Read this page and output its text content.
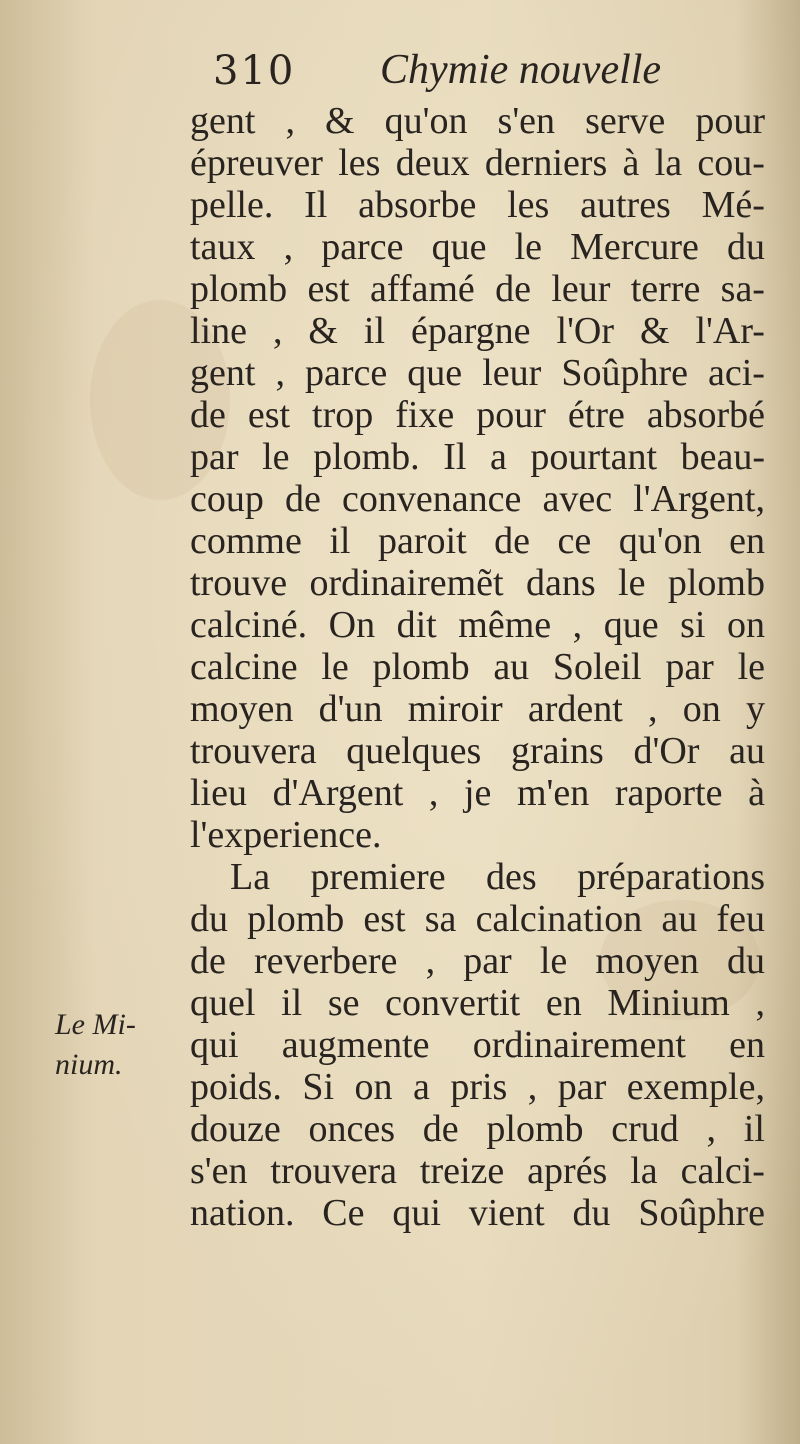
310 Chymie nouvelle
gent , & qu'on s'en serve pour
épreuver les deux derniers à la cou-
pelle. Il absorbe les autres Mé-
taux , parce que le Mercure du
plomb est affamé de leur terre sa-
line , & il épargne l'Or & l'Ar-
gent , parce que leur Soûphre aci-
de est trop fixe pour étre absorbé
par le plomb. Il a pourtant beau-
coup de convenance avec l'Argent,
comme il paroit de ce qu'on en
trouve ordinairemẽt dans le plomb
calciné. On dit même , que si on
calcine le plomb au Soleil par le
moyen d'un miroir ardent , on y
trouvera quelques grains d'Or au
lieu d'Argent , je m'en raporte à
l'experience.
La premiere des préparations
du plomb est sa calcination au feu
de reverbere , par le moyen du
quel il se convertit en Minium ,
qui augmente ordinairement en
poids. Si on a pris , par exemple,
douze onces de plomb crud , il
s'en trouvera treize aprés la calci-
nation. Ce qui vient du Soûphre
Le Mi-
nium.
